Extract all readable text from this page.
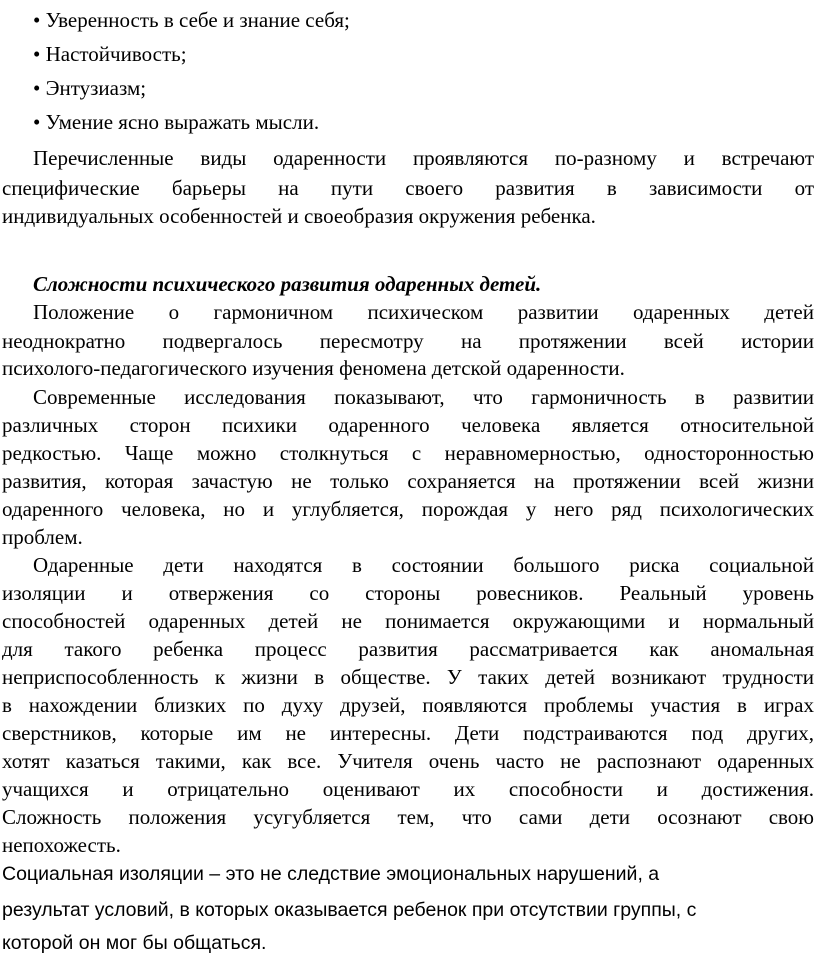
• Уверенность в себе и знание себя;
• Настойчивость;
• Энтузиазм;
• Умение ясно выражать мысли.
Перечисленные виды одаренности проявляются по-разному и встречают
специфические барьеры на пути своего развития в зависимости от
индивидуальных особенностей и своеобразия окружения ребенка.
Сложности психического развития одаренных детей.
Положение о гармоничном психическом развитии одаренных детей
неоднократно подвергалось пересмотру на протяжении всей истории
психолого-педагогического изучения феномена детской одаренности.
Современные исследования показывают, что гармоничность в развитии
различных сторон психики одаренного человека является относительной
редкостью. Чаще можно столкнуться с неравномерностью, односторонностью
развития, которая зачастую не только сохраняется на протяжении всей жизни
одаренного человека, но и углубляется, порождая у него ряд психологических
проблем.
Одаренные дети находятся в состоянии большого риска социальной
изоляции и отвержения со стороны ровесников. Реальный уровень
способностей одаренных детей не понимается окружающими и нормальный
для такого ребенка процесс развития рассматривается как аномальная
неприспособленность к жизни в обществе. У таких детей возникают трудности
в нахождении близких по духу друзей, появляются проблемы участия в играх
сверстников, которые им не интересны. Дети подстраиваются под других,
хотят казаться такими, как все. Учителя очень часто не распознают одаренных
учащихся и отрицательно оценивают их способности и достижения.
Сложность положения усугубляется тем, что сами дети осознают свою
непохожесть.
Социальная изоляции – это не следствие эмоциональных нарушений, а
результат условий, в которых оказывается ребенок при отсутствии группы, с
которой он мог бы общаться.
